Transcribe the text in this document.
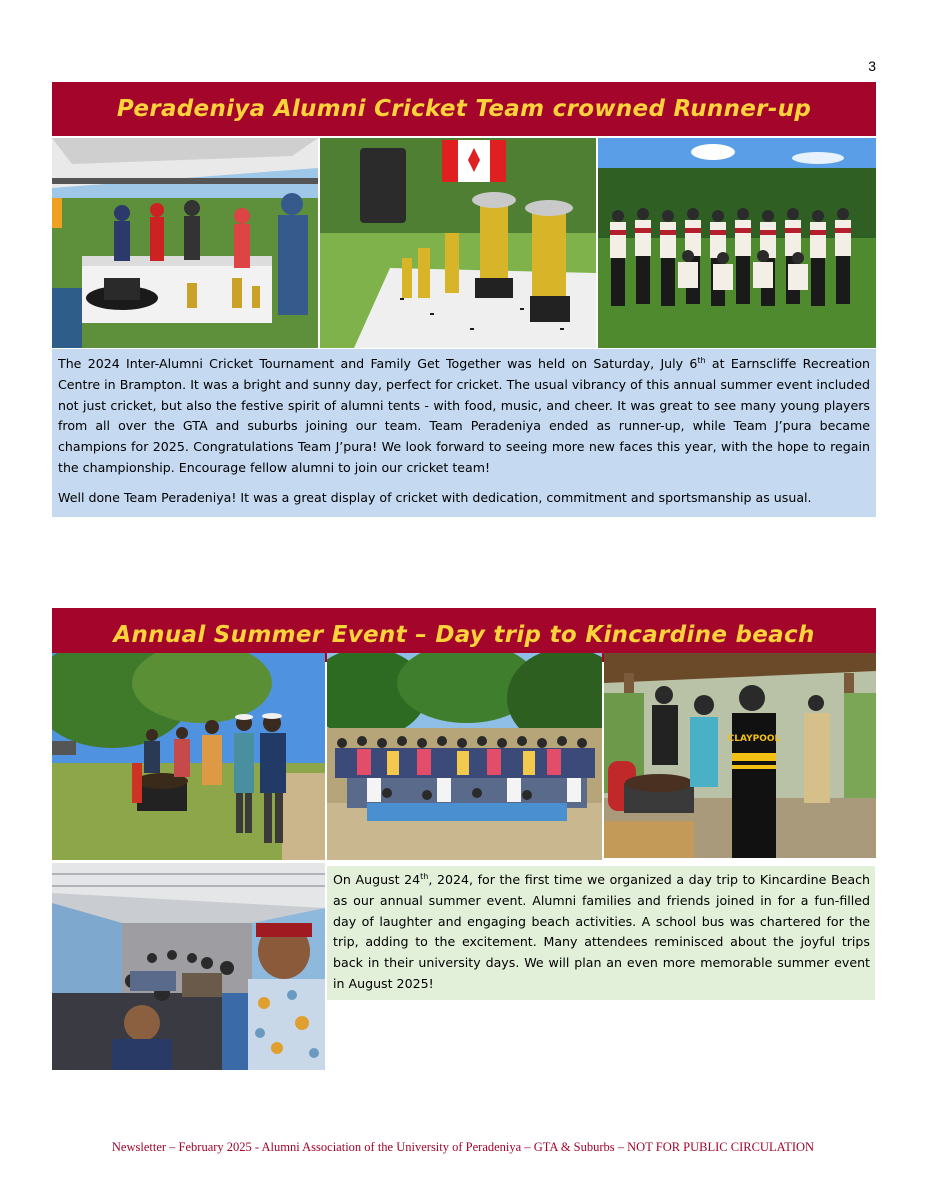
3
Peradeniya Alumni Cricket Team crowned Runner-up

The 2024 Inter-Alumni Cricket Tournament and Family Get Together was held on Saturday, July 6th at Earnscliffe Recreation Centre in Brampton. It was a bright and sunny day, perfect for cricket. The usual vibrancy of this annual summer event included not just cricket, but also the festive spirit of alumni tents - with food, music, and cheer. It was great to see many young players from all over the GTA and suburbs joining our team. Team Peradeniya ended as runner-up, while Team J’pura became champions for 2025. Congratulations Team J’pura! We look forward to seeing more new faces this year, with the hope to regain the championship. Encourage fellow alumni to join our cricket team!

Well done Team Peradeniya! It was a great display of cricket with dedication, commitment and sportsmanship as usual.

Annual Summer Event – Day trip to Kincardine beach
CLAYPOOL

On August 24th, 2024, for the first time we organized a day trip to Kincardine Beach as our annual summer event. Alumni families and friends joined in for a fun-filled day of laughter and engaging beach activities. A school bus was chartered for the trip, adding to the excitement. Many attendees reminisced about the joyful trips back in their university days. We will plan an even more memorable summer event in August 2025!

Newsletter – February 2025 - Alumni Association of the University of Peradeniya – GTA & Suburbs – NOT FOR PUBLIC CIRCULATION
